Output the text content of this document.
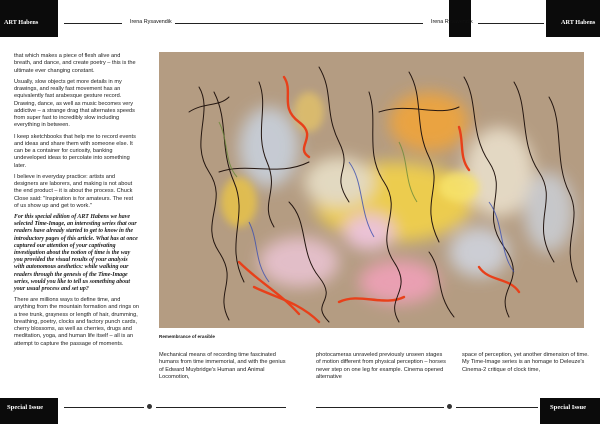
ART Habens	Irena Rysavendik	Irena Rysavendik	ART Habens

that which makes a piece of flesh alive and breath, and dance, and create poetry – this is the ultimate ever changing constant.

Usually, slow objects get more details in my drawings, and really fast movement has an equivalently fast arabesque gesture record. Drawing, dance, as well as music becomes very addictive – a strange drag that alternates speeds from super fast to incredibly slow including everything in between.

I keep sketchbooks that help me to record events and ideas and share them with someone else. It can be a container for curiosity, banking undeveloped ideas to percolate into something later.

I believe in everyday practice: artists and designers are laborers, and making is not about the end product – it is about the process. Chuck Close said: "Inspiration is for amateurs. The rest of us show up and get to work."

For this special edition of ART Habens we have selected Time-Image, an interesting series that our readers have already started to get to know in the introductory pages of this article. What has at once captured our attention of your captivating investigation about the notion of time is the way you provided the visual results of your analysis with autonomous aesthetics: while walking our readers through the genesis of the Time-Image series, would you like to tell us something about your usual process and set up?

There are millions ways to define time, and anything from the mountain formation and rings on a tree trunk, grayness or length of hair, drumming, breathing, poetry, clocks and factory punch cards, cherry blossoms, as well as cherries, drugs and meditation, yoga, and human life itself – all is an attempt to capture the passage of moments.

Remembrance of erasible
Mechanical means of recording time fascinated humans from time immemorial, and with the genius of Edward Muybridge's Human and Animal Locomotion,
photocameras unraveled previously unseen stages of motion different from physical perception – horses never step on one leg for example. Cinema opened alternative
space of perception, yet another dimension of time. My Time-Image series is an homage to Deleuze's Cinema-2 critique of clock time,
Special Issue	Special Issue
